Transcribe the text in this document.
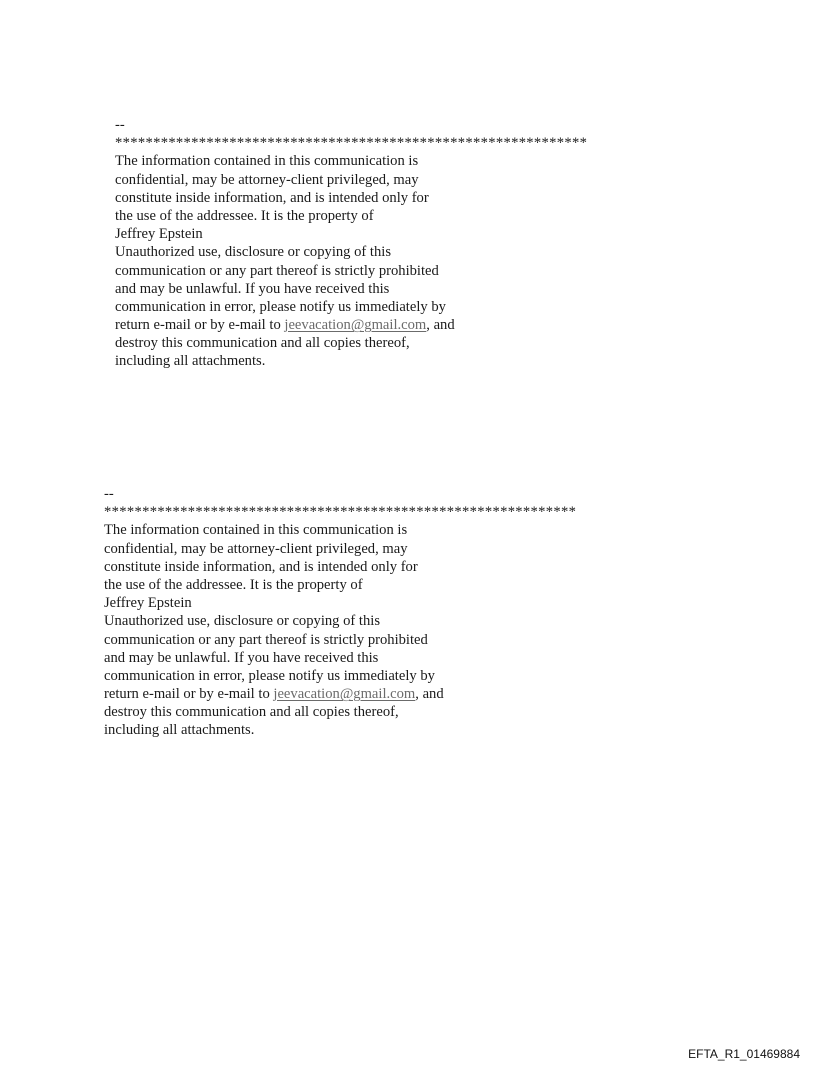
--
**************************************************************
The information contained in this communication is
confidential, may be attorney-client privileged, may
constitute inside information, and is intended only for
the use of the addressee. It is the property of
Jeffrey Epstein
Unauthorized use, disclosure or copying of this
communication or any part thereof is strictly prohibited
and may be unlawful. If you have received this
communication in error, please notify us immediately by
return e-mail or by e-mail to jeevacation@gmail.com, and
destroy this communication and all copies thereof,
including all attachments.
--
**************************************************************
The information contained in this communication is
confidential, may be attorney-client privileged, may
constitute inside information, and is intended only for
the use of the addressee. It is the property of
Jeffrey Epstein
Unauthorized use, disclosure or copying of this
communication or any part thereof is strictly prohibited
and may be unlawful. If you have received this
communication in error, please notify us immediately by
return e-mail or by e-mail to jeevacation@gmail.com, and
destroy this communication and all copies thereof,
including all attachments.
EFTA_R1_01469884
